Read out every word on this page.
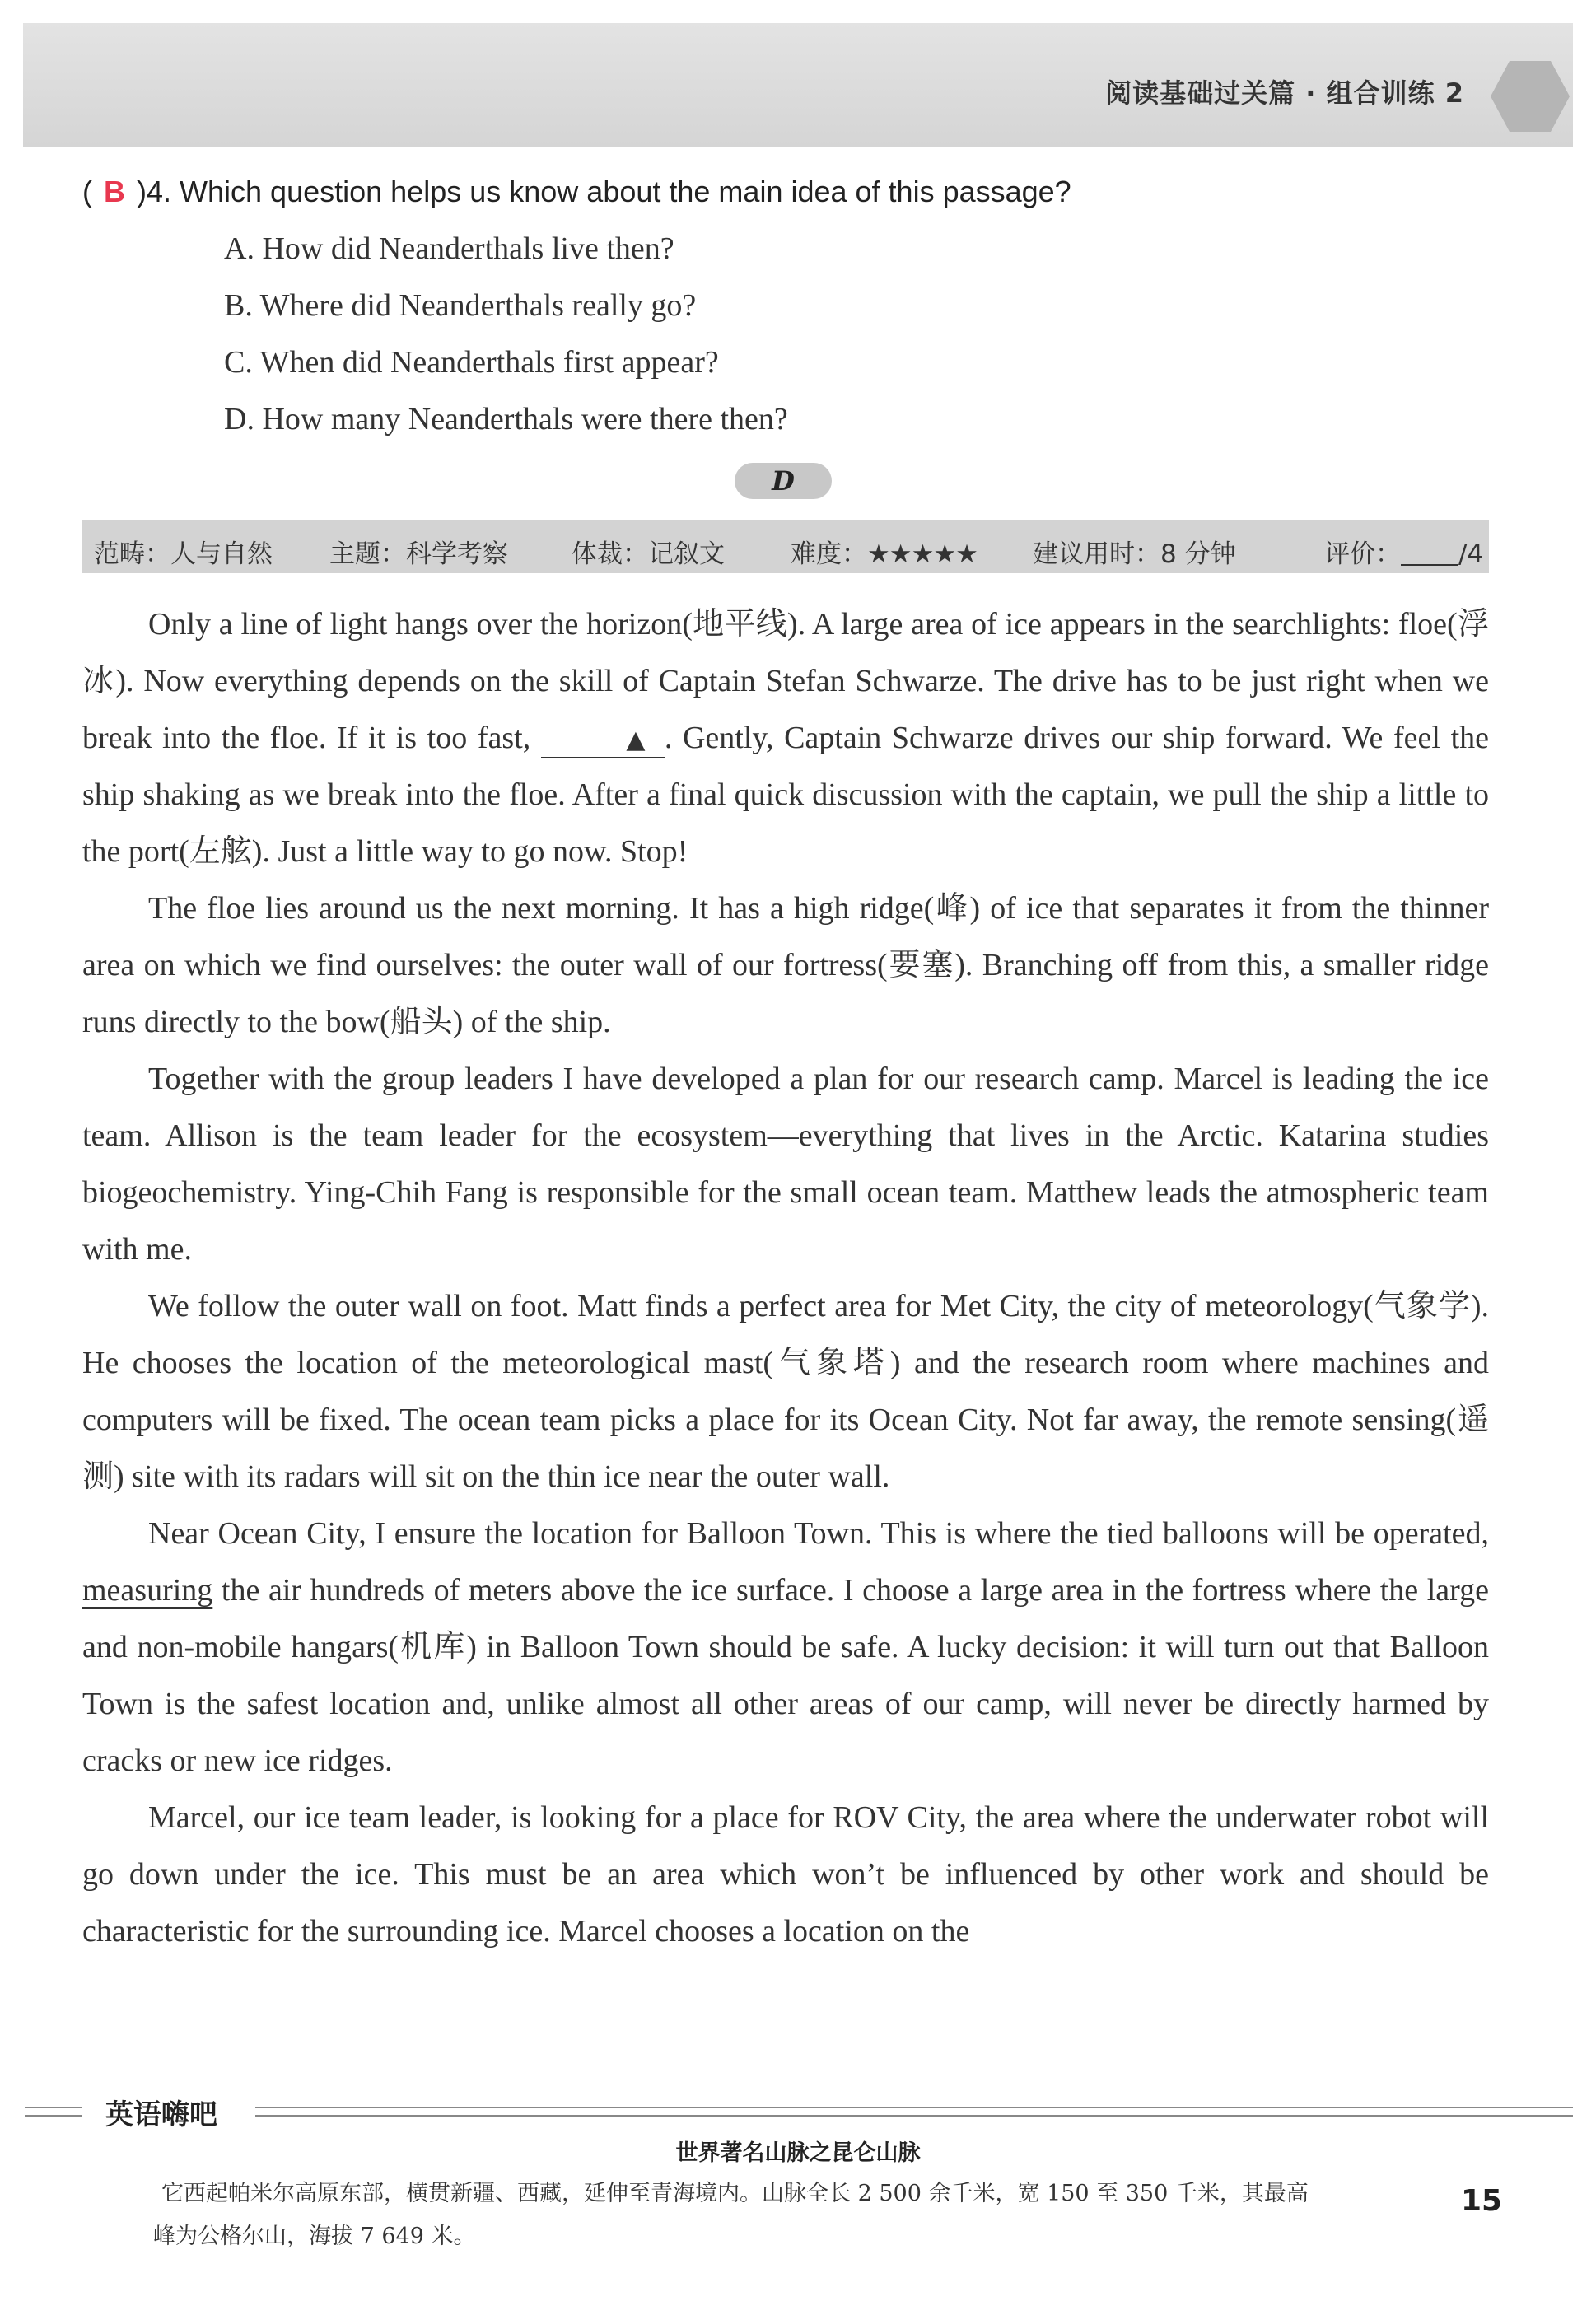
阅读基础过关篇 · 组合训练 2
( B )4. Which question helps us know about the main idea of this passage?
A. How did Neanderthals live then?
B. Where did Neanderthals really go?
C. When did Neanderthals first appear?
D. How many Neanderthals were there then?
D
范畴：人与自然 主题：科学考察 体裁：记叙文	难度：★★★★★ 建议用时：8 分钟	评价： /4

Only a line of light hangs over the horizon(地平线). A large area of ice appears in the searchlights: floe(浮冰). Now everything depends on the skill of Captain Stefan Schwarze. The drive has to be just right when we break into the floe. If it is too fast,	▲ . Gently, Captain Schwarze drives our ship forward. We feel the ship shaking as we break into the floe. After a final quick discussion with the captain, we pull the ship a little to the port(左舷). Just a little way to go now. Stop!

The floe lies around us the next morning. It has a high ridge(峰) of ice that separates it from the thinner area on which we find ourselves: the outer wall of our fortress(要塞). Branching off from this, a smaller ridge runs directly to the bow(船头) of the ship.

Together with the group leaders I have developed a plan for our research camp. Marcel is leading the ice team. Allison is the team leader for the ecosystem—everything that lives in the Arctic. Katarina studies biogeochemistry. Ying-Chih Fang is responsible for the small ocean team. Matthew leads the atmospheric team with me.

We follow the outer wall on foot. Matt finds a perfect area for Met City, the city of meteorology(气象学). He chooses the location of the meteorological mast(气象塔) and the research room where machines and computers will be fixed. The ocean team picks a place for its Ocean City. Not far away, the remote sensing(遥测) site with its radars will sit on the thin ice near the outer wall.

Near Ocean City, I ensure the location for Balloon Town. This is where the tied balloons will be operated, measuring the air hundreds of meters above the ice surface. I choose a large area in the fortress where the large and non-mobile hangars(机库) in Balloon Town should be safe. A lucky decision: it will turn out that Balloon Town is the safest location and, unlike almost all other areas of our camp, will never be directly harmed by cracks or new ice ridges.

Marcel, our ice team leader, is looking for a place for ROV City, the area where the underwater robot will go down under the ice. This must be an area which won’t be influenced by other work and should be characteristic for the surrounding ice. Marcel chooses a location on the

英语嗨吧
世界著名山脉之昆仑山脉
它西起帕米尔高原东部，横贯新疆、西藏，延伸至青海境内。山脉全长 2 500 余千米，宽 150 至 350 千米，其最高
峰为公格尔山，海拔 7 649 米。
15
